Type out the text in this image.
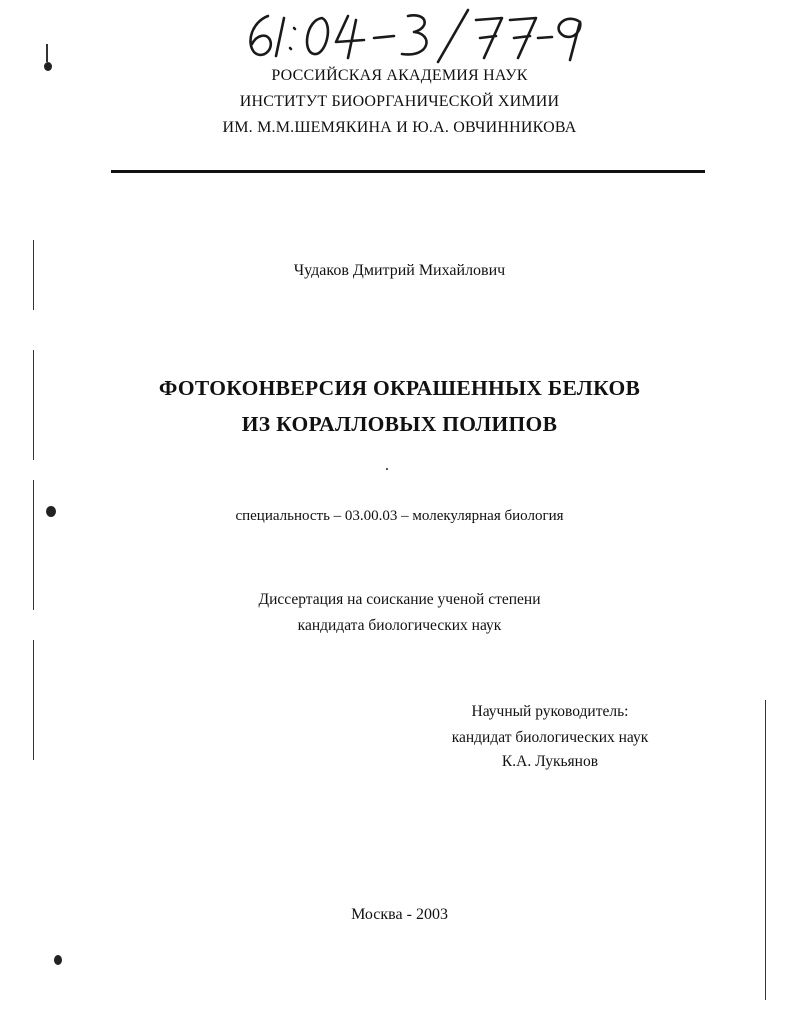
РОССИЙСКАЯ АКАДЕМИЯ НАУК
ИНСТИТУТ БИООРГАНИЧЕСКОЙ ХИМИИ
ИМ. М.М.ШЕМЯКИНА И Ю.А. ОВЧИННИКОВА
Чудаков Дмитрий Михайлович
ФОТОКОНВЕРСИЯ ОКРАШЕННЫХ БЕЛКОВ
ИЗ КОРАЛЛОВЫХ ПОЛИПОВ
специальность – 03.00.03 – молекулярная биология
Диссертация на соискание ученой степени
кандидата биологических наук
Научный руководитель:
кандидат биологических наук
К.А. Лукьянов
Москва - 2003
